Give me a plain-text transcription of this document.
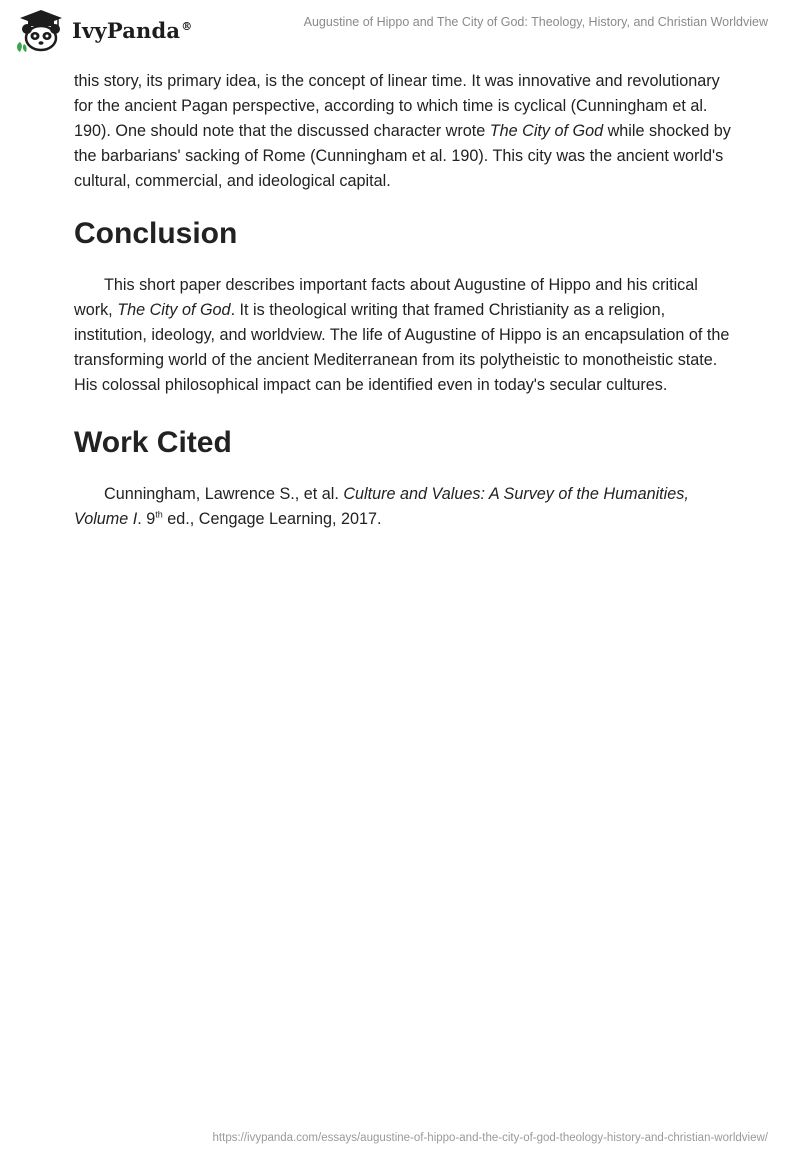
IvyPanda®	Augustine of Hippo and The City of God: Theology, History, and Christian Worldview

this story, its primary idea, is the concept of linear time. It was innovative and revolutionary for the ancient Pagan perspective, according to which time is cyclical (Cunningham et al. 190). One should note that the discussed character wrote The City of God while shocked by the barbarians' sacking of Rome (Cunningham et al. 190). This city was the ancient world's cultural, commercial, and ideological capital.

Conclusion

This short paper describes important facts about Augustine of Hippo and his critical work, The City of God. It is theological writing that framed Christianity as a religion, institution, ideology, and worldview. The life of Augustine of Hippo is an encapsulation of the transforming world of the ancient Mediterranean from its polytheistic to monotheistic state. His colossal philosophical impact can be identified even in today's secular cultures.

Work Cited

Cunningham, Lawrence S., et al. Culture and Values: A Survey of the Humanities, Volume I. 9th ed., Cengage Learning, 2017.

https://ivypanda.com/essays/augustine-of-hippo-and-the-city-of-god-theology-history-and-christian-worldview/
